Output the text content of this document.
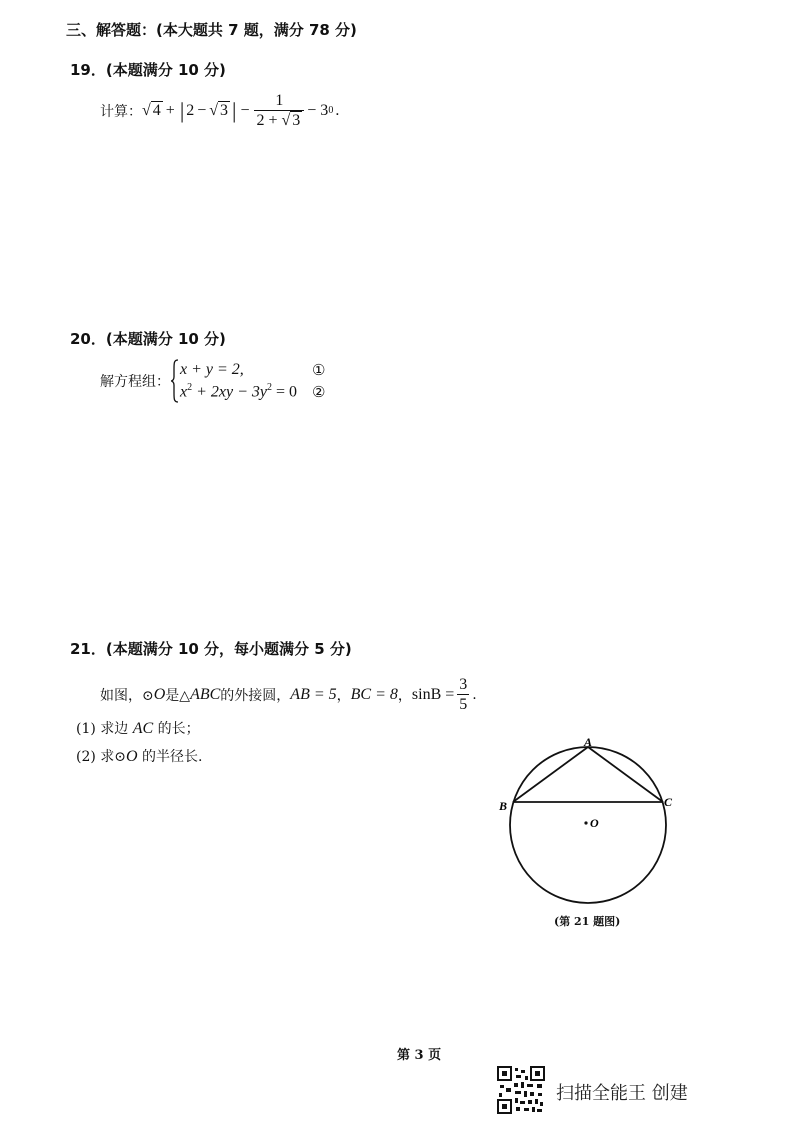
三、解答题：(本大题共 7 题，满分 78 分)
19．(本题满分 10 分)
计算： √ 4 + | 2 − √ 3 | − $\frac{1}{2 + √ 3} - 3$ 0 .
20．(本题满分 10 分)
解方程组：
x + y = 2,	①
$x^2 + 2xy - 3y^2 = 0$ ②
21．(本题满分 10 分，每小题满分 5 分)
如图，⊙ O 是△ ABC 的外接圆， AB = 5 ， BC = 8 ， $\sin B = \frac{3}{5}$ .
(1) 求边 AC 的长；
(2) 求⊙O 的半径长.
A
B	C
O
(第 21 题图)
第 3 页
扫描全能王 创建
